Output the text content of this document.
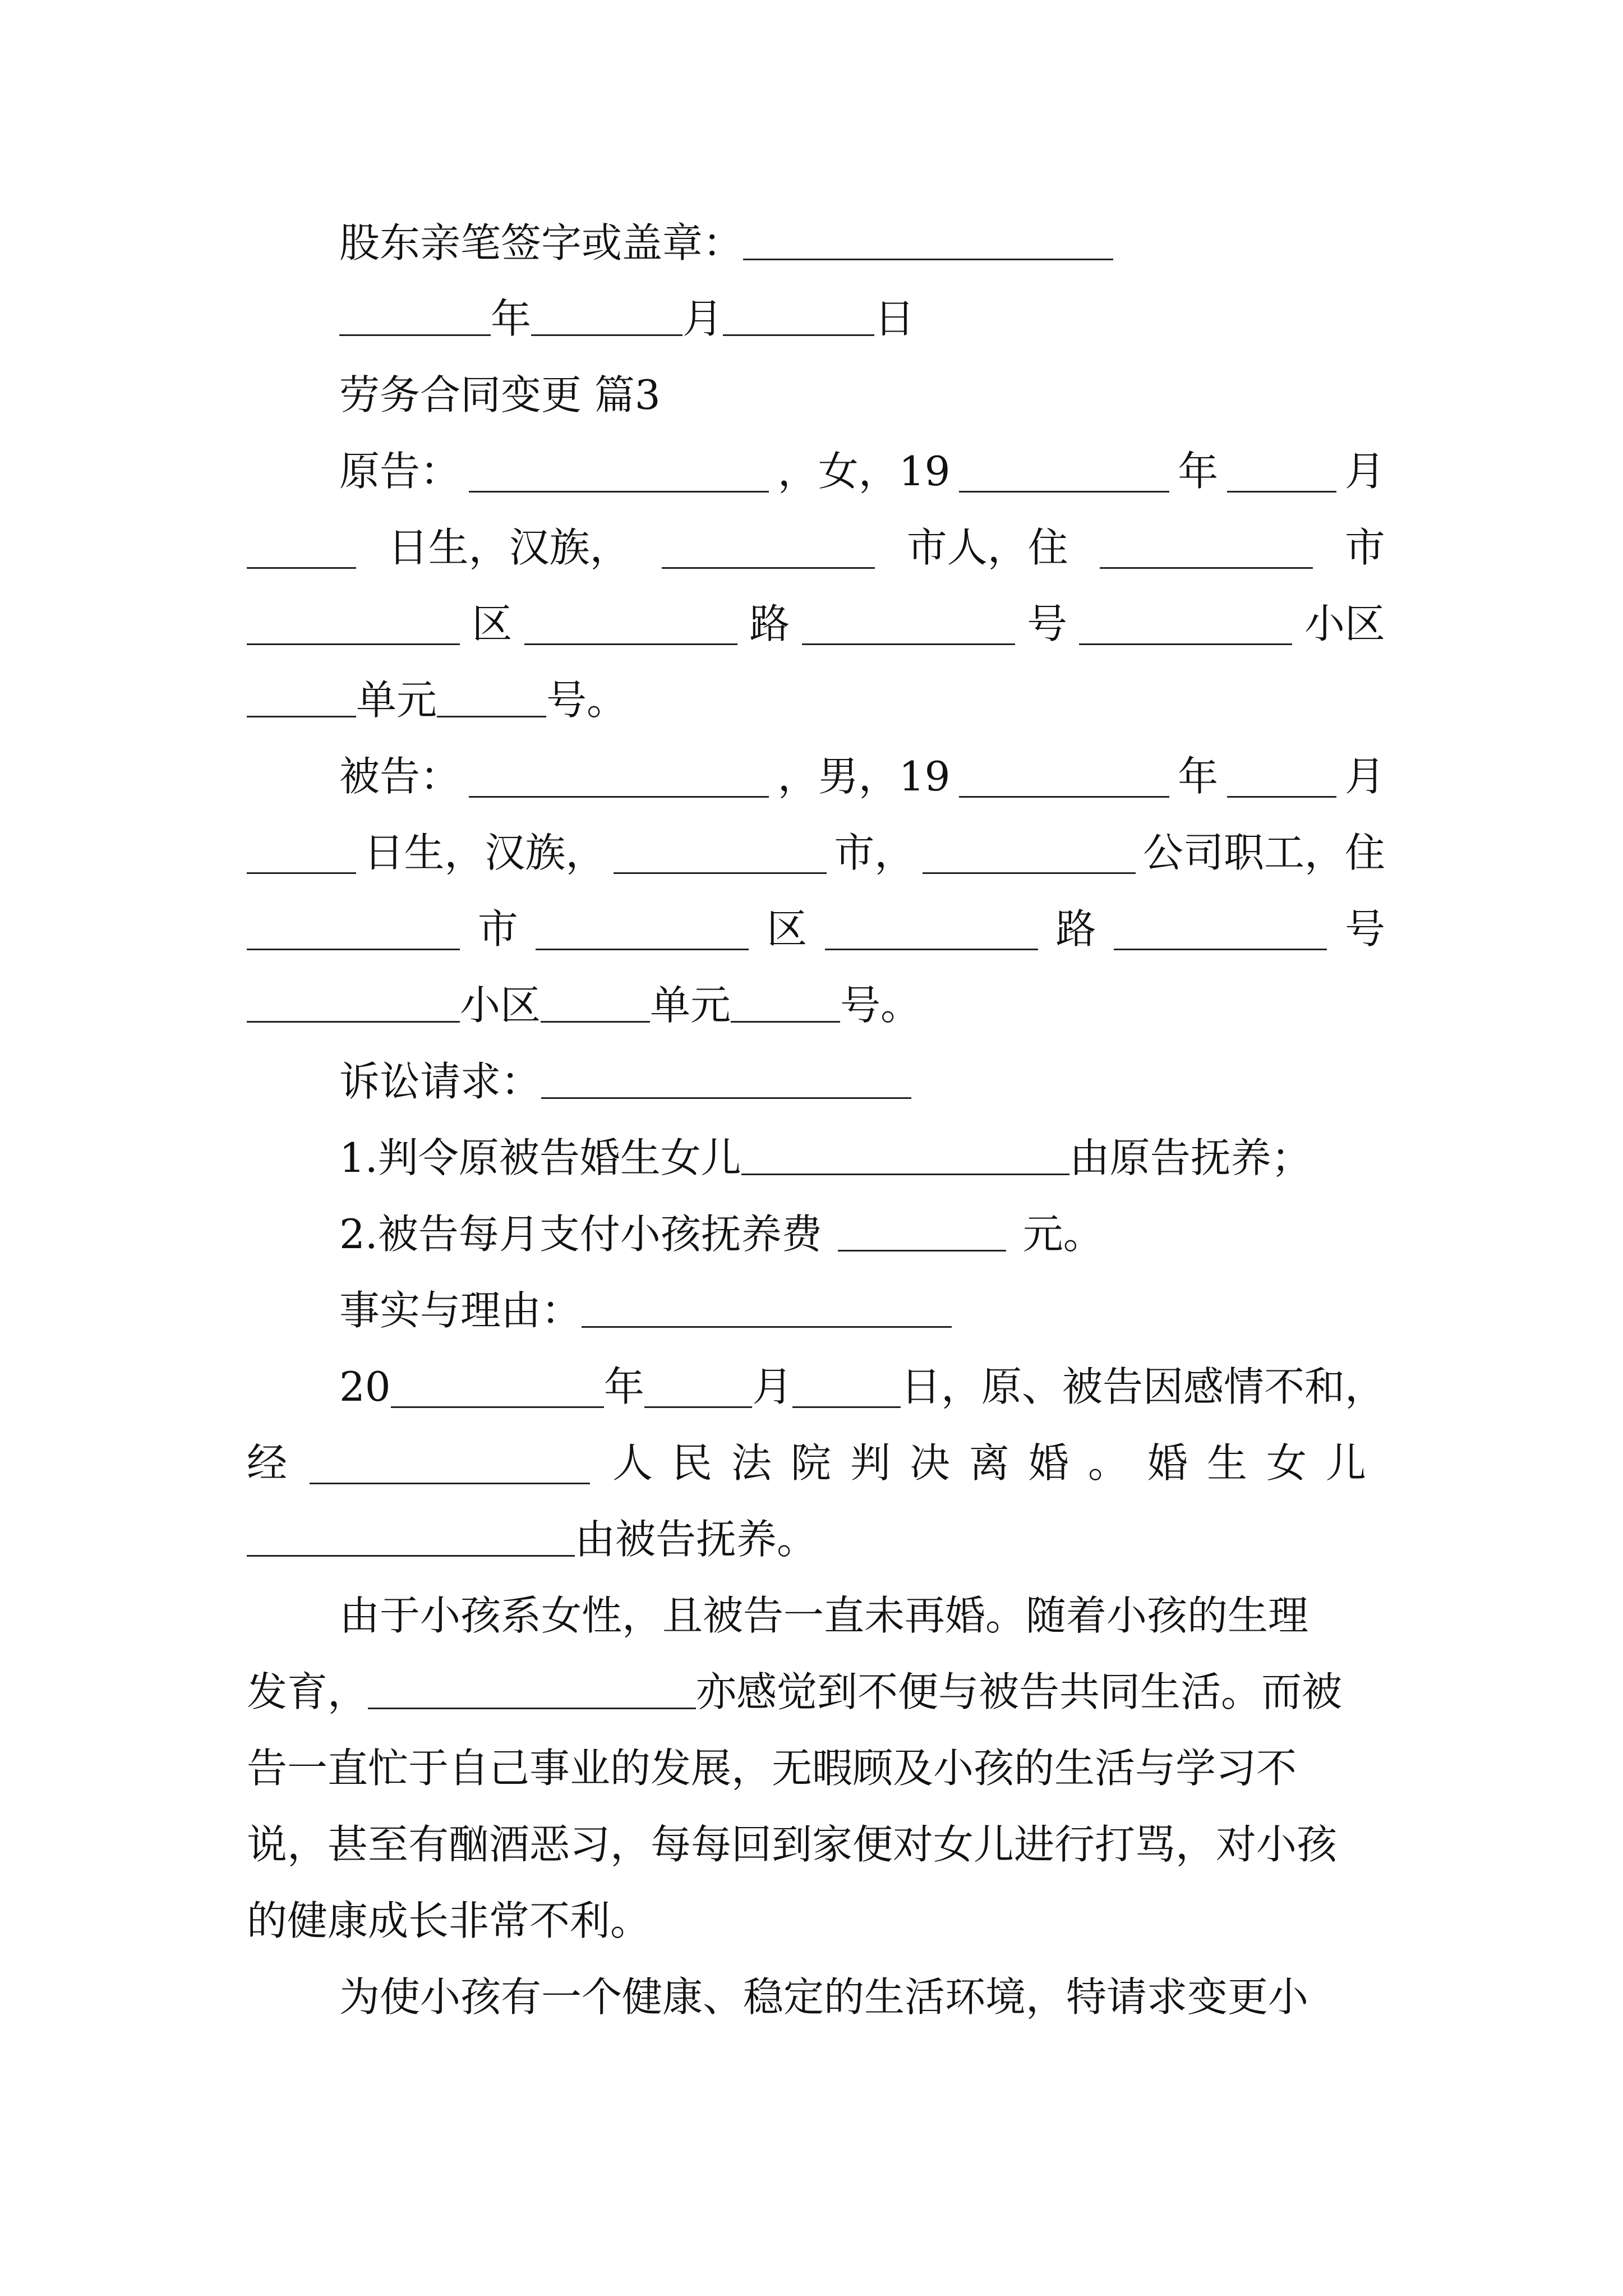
股东亲笔签字或盖章：
年	月	日
劳务合同变更 篇3
原告：	，女，19	年	月
日生，汉族，	市人，住	市
区	路	号	小区
单元	号。
被告：	，男，19	年	月
日生，汉族，	市，	公司职工，住
市	区	路	号
小区	单元	号。
诉讼请求：
1.判令原被告婚生女儿	由原告抚养；
2.被告每月支付小孩抚养费	元。
事实与理由：
20	年	月	日，原、被告因感情不和，
经	人民法院判决离婚。婚生女儿
由被告抚养。
由于小孩系女性，且被告一直未再婚。随着小孩的生理
发育，	亦感觉到不便与被告共同生活。而被
告一直忙于自己事业的发展，无暇顾及小孩的生活与学习不
说，甚至有酗酒恶习，每每回到家便对女儿进行打骂，对小孩
的健康成长非常不利。
为使小孩有一个健康、稳定的生活环境，特请求变更小
